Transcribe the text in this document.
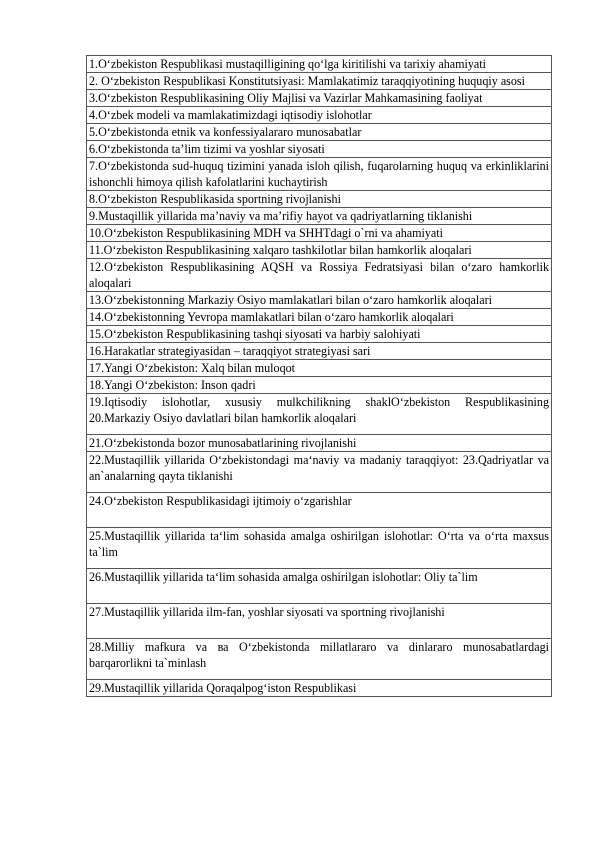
1.O‘zbekiston Respublikasi mustaqilligining qo‘lga kiritilishi va tarixiy ahamiyati
2. O‘zbekiston Respublikasi Konstitutsiyasi: Mamlakatimiz taraqqiyotining huquqiy asosi
3.O‘zbekiston Respublikasining Oliy Majlisi va Vazirlar Mahkamasining faoliyat
4.O‘zbek modeli va mamlakatimizdagi iqtisodiy islohotlar
5.O‘zbekistonda etnik va konfessiyalararo munosabatlar
6.O‘zbekistonda ta’lim tizimi va yoshlar siyosati
7.O‘zbekistonda sud-huquq tizimini yanada isloh qilish, fuqarolarning huquq va erkinliklarini ishonchli himoya qilish kafolatlarini kuchaytirish
8.O‘zbekiston Respublikasida sportning rivojlanishi
9.Mustaqillik yillarida ma’naviy va ma’rifiy hayot va qadriyatlarning tiklanishi
10.O‘zbekiston Respublikasining MDH va SHHTdagi o`rni va ahamiyati
11.O‘zbekiston Respublikasining xalqaro tashkilotlar bilan hamkorlik aloqalari
12.O‘zbekiston Respublikasining AQSH va Rossiya Fedratsiyasi bilan o‘zaro hamkorlik aloqalari
13.O‘zbekistonning Markaziy Osiyo mamlakatlari bilan o‘zaro hamkorlik aloqalari
14.O‘zbekistonning Yevropa mamlakatlari bilan o‘zaro hamkorlik aloqalari
15.O‘zbekiston Respublikasining tashqi siyosati va harbiy salohiyati
16.Harakatlar strategiyasidan – taraqqiyot strategiyasi sari
17.Yangi O‘zbekiston: Xalq bilan muloqot
18.Yangi O‘zbekiston: Inson qadri
19.Iqtisodiy islohotlar, xususiy mulkchilikning shaklO‘zbekiston Respublikasining 20.Markaziy Osiyo davlatlari bilan hamkorlik aloqalari
21.O‘zbekistonda bozor munosabatlarining rivojlanishi
22.Mustaqillik yillarida O‘zbekistondagi ma‘naviy va madaniy taraqqiyot: 23.Qadriyatlar va an`analarning qayta tiklanishi
24.O‘zbekiston Respublikasidagi ijtimoiy o‘zgarishlar
25.Mustaqillik yillarida ta‘lim sohasida amalga oshirilgan islohotlar: O‘rta va o‘rta maxsus ta`lim
26.Mustaqillik yillarida ta‘lim sohasida amalga oshirilgan islohotlar: Oliy ta`lim
27.Mustaqillik yillarida ilm-fan, yoshlar siyosati va sportning rivojlanishi
28.Milliy mafkura va ва O‘zbekistonda millatlararo va dinlararo munosabatlardagi barqarorlikni ta`minlash
29.Mustaqillik yillarida Qoraqalpog‘iston Respublikasi
